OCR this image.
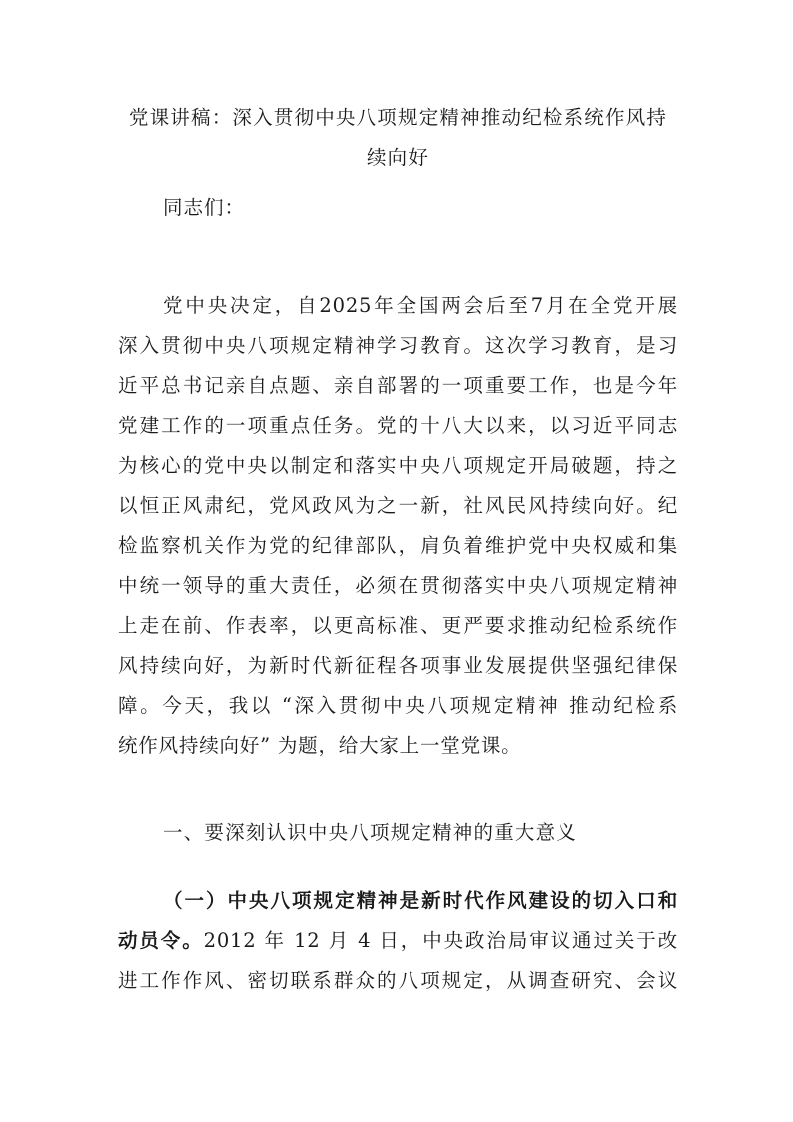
党课讲稿：深入贯彻中央八项规定精神推动纪检系统作风持
续向好
同志们：
党中央决定，自2025年全国两会后至7月在全党开展
深入贯彻中央八项规定精神学习教育。这次学习教育，是习
近平总书记亲自点题、亲自部署的一项重要工作，也是今年
党建工作的一项重点任务。党的十八大以来，以习近平同志
为核心的党中央以制定和落实中央八项规定开局破题，持之
以恒正风肃纪，党风政风为之一新，社风民风持续向好。纪
检监察机关作为党的纪律部队，肩负着维护党中央权威和集
中统一领导的重大责任，必须在贯彻落实中央八项规定精神
上走在前、作表率，以更高标准、更严要求推动纪检系统作
风持续向好，为新时代新征程各项事业发展提供坚强纪律保
障。今天，我以 “深入贯彻中央八项规定精神 推动纪检系
统作风持续向好” 为题，给大家上一堂党课。
一、要深刻认识中央八项规定精神的重大意义
（一）中央八项规定精神是新时代作风建设的切入口和
动员令。2012 年 12 月 4 日，中央政治局审议通过关于改
进工作作风、密切联系群众的八项规定，从调查研究、会议
